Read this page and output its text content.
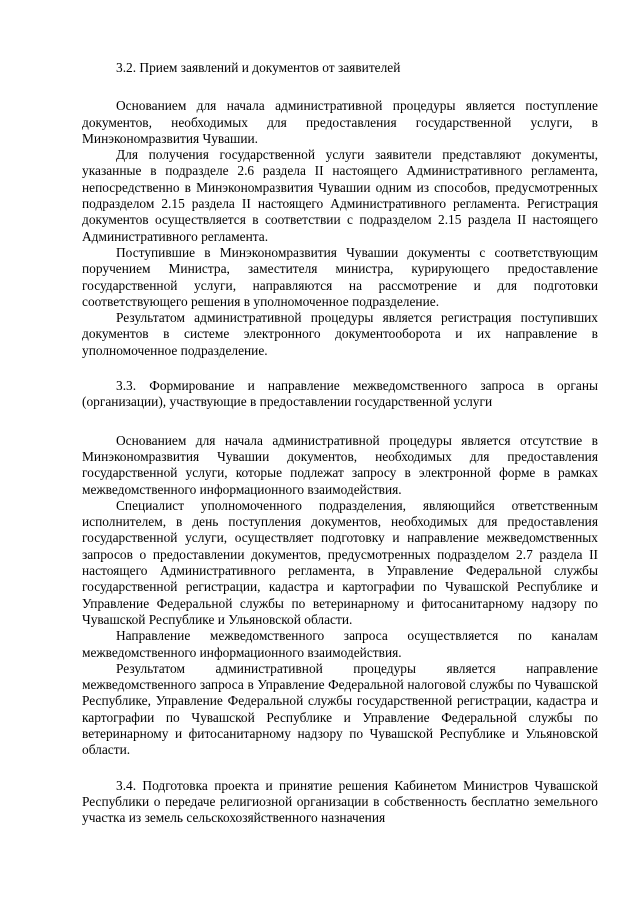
3.2. Прием заявлений и документов от заявителей

Основанием для начала административной процедуры является поступление документов, необходимых для предоставления государственной услуги, в Минэкономразвития Чувашии.

Для получения государственной услуги заявители представляют документы, указанные в подразделе 2.6 раздела II настоящего Административного регламента, непосредственно в Минэкономразвития Чувашии одним из способов, предусмотренных подразделом 2.15 раздела II настоящего Административного регламента. Регистрация документов осуществляется в соответствии с подразделом 2.15 раздела II настоящего Административного регламента.

Поступившие в Минэкономразвития Чувашии документы с соответствующим поручением Министра, заместителя министра, курирующего предоставление государственной услуги, направляются на рассмотрение и для подготовки соответствующего решения в уполномоченное подразделение.

Результатом административной процедуры является регистрация поступивших документов в системе электронного документооборота и их направление в уполномоченное подразделение.

3.3. Формирование и направление межведомственного запроса в органы (организации), участвующие в предоставлении государственной услуги

Основанием для начала административной процедуры является отсутствие в Минэкономразвития Чувашии документов, необходимых для предоставления государственной услуги, которые подлежат запросу в электронной форме в рамках межведомственного информационного взаимодействия.

Специалист уполномоченного подразделения, являющийся ответственным исполнителем, в день поступления документов, необходимых для предоставления государственной услуги, осуществляет подготовку и направление межведомственных запросов о предоставлении документов, предусмотренных подразделом 2.7 раздела II настоящего Административного регламента, в Управление Федеральной службы государственной регистрации, кадастра и картографии по Чувашской Республике и Управление Федеральной службы по ветеринарному и фитосанитарному надзору по Чувашской Республике и Ульяновской области.

Направление межведомственного запроса осуществляется по каналам межведомственного информационного взаимодействия.

Результатом административной процедуры является направление межведомственного запроса в Управление Федеральной налоговой службы по Чувашской Республике, Управление Федеральной службы государственной регистрации, кадастра и картографии по Чувашской Республике и Управление Федеральной службы по ветеринарному и фитосанитарному надзору по Чувашской Республике и Ульяновской области.

3.4. Подготовка проекта и принятие решения Кабинетом Министров Чувашской Республики о передаче религиозной организации в собственность бесплатно земельного участка из земель сельскохозяйственного назначения
